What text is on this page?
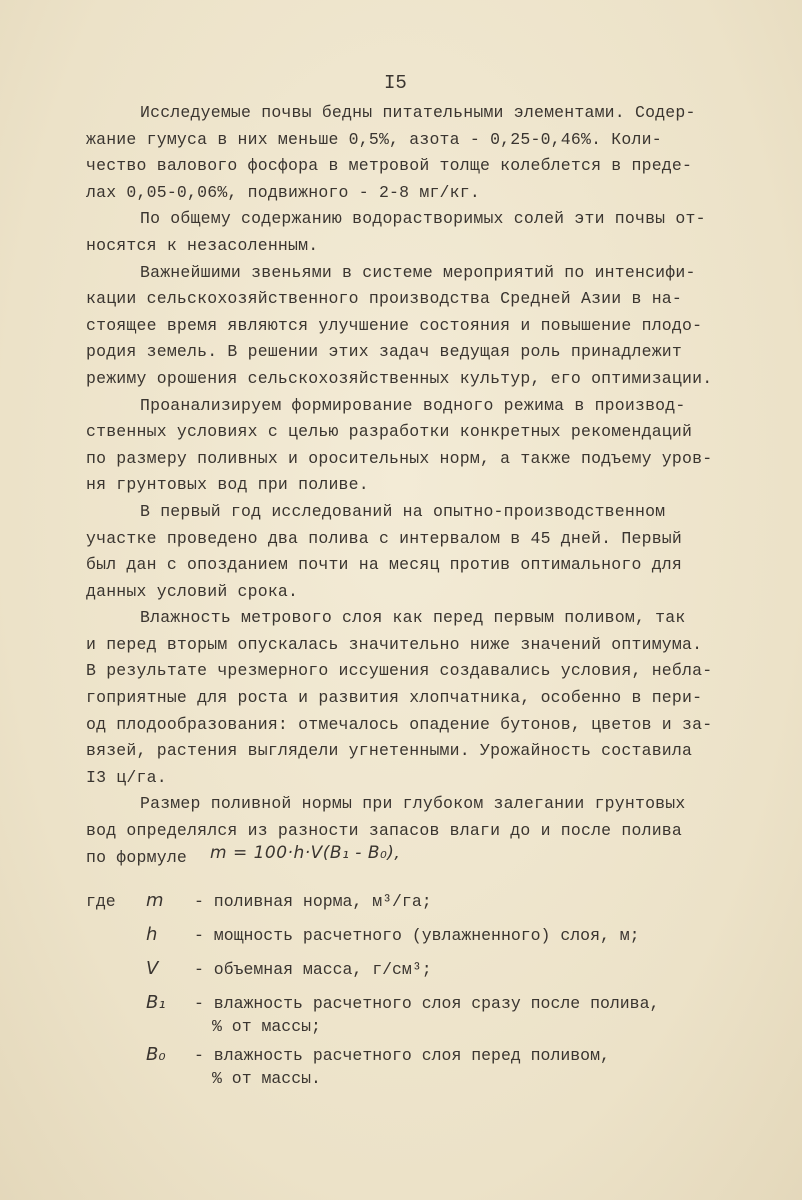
I5
Исследуемые почвы бедны питательными элементами. Содер-
жание гумуса в них меньше 0,5%, азота - 0,25-0,46%. Коли-
чество валового фосфора в метровой толще колеблется в преде-
лах 0,05-0,06%, подвижного - 2-8 мг/кг.
По общему содержанию водорастворимых солей эти почвы от-
носятся к незасоленным.
Важнейшими звеньями в системе мероприятий по интенсифи-
кации сельскохозяйственного производства Средней Азии в на-
стоящее время являются улучшение состояния и повышение плодо-
родия земель. В решении этих задач ведущая роль принадлежит
режиму орошения сельскохозяйственных культур, его оптимизации.
Проанализируем формирование водного режима в производ-
ственных условиях с целью разработки конкретных рекомендаций
по размеру поливных и оросительных норм, а также подъему уров-
ня грунтовых вод при поливе.
В первый год исследований на опытно-производственном
участке проведено два полива с интервалом в 45 дней. Первый
был дан с опозданием почти на месяц против оптимального для
данных условий срока.
Влажность метрового слоя как перед первым поливом, так
и перед вторым опускалась значительно ниже значений оптимума.
В результате чрезмерного иссушения создавались условия, небла-
гоприятные для роста и развития хлопчатника, особенно в пери-
од плодообразования: отмечалось опадение бутонов, цветов и за-
вязей, растения выглядели угнетенными. Урожайность составила
I3 ц/га.
Размер поливной нормы при глубоком залегании грунтовых
вод определялся из разности запасов влаги до и после полива
по формуле	m = 100·h·V(B₁ - B₀),
где	m	- поливная норма, м³/га;
h	- мощность расчетного (увлажненного) слоя, м;
V	- объемная масса, г/см³;
B₁	- влажность расчетного слоя сразу после полива,
% от массы;
B₀	- влажность расчетного слоя перед поливом,
% от массы.
